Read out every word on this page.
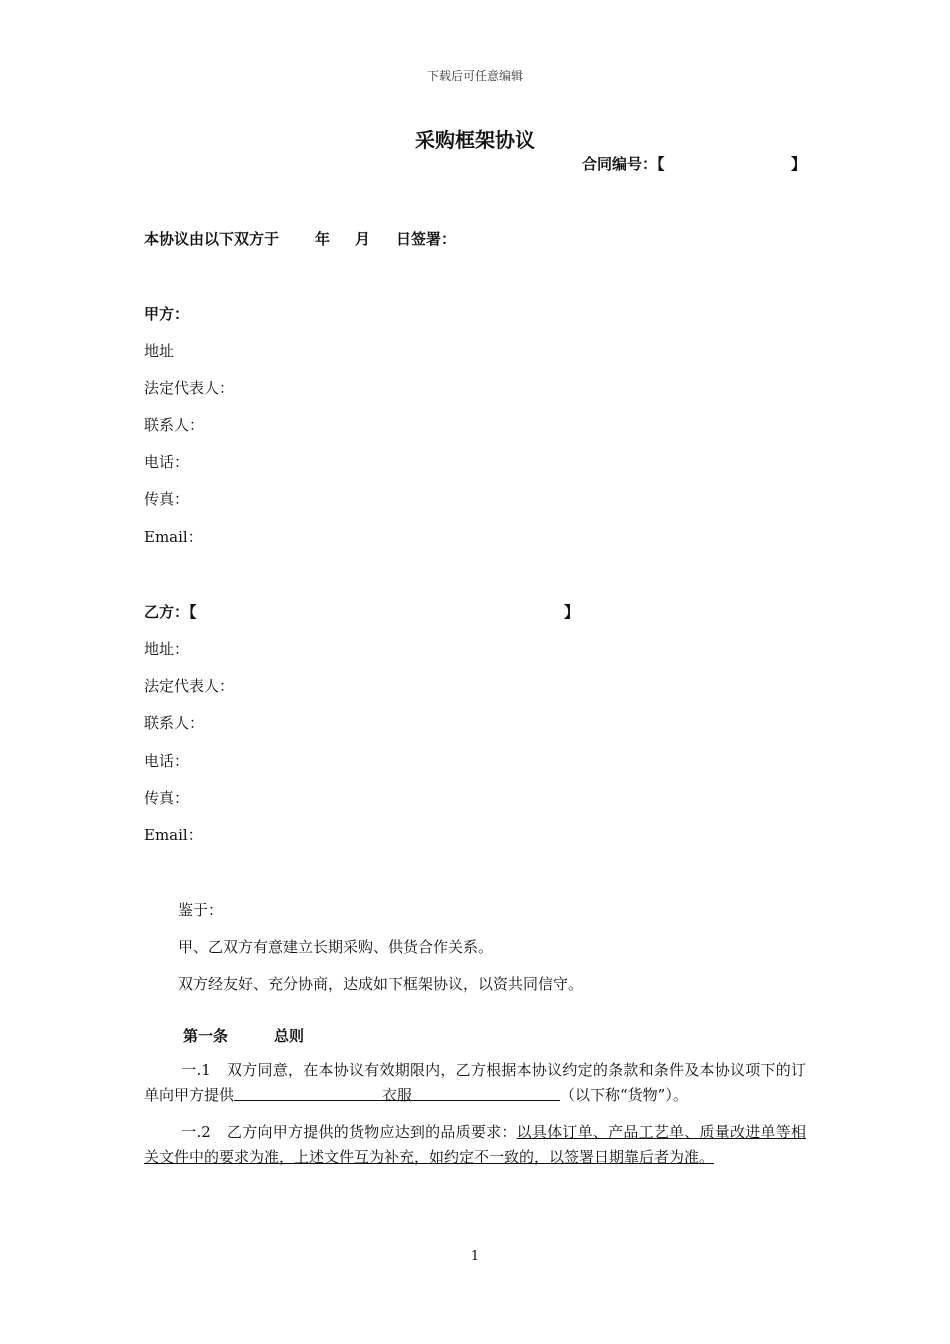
下载后可任意编辑
采购框架协议
合同编号：【	】
本协议由以下双方于 年 月 日签署：
甲方：
地址
法定代表人：
联系人：
电话：
传真：
Email：
乙方：【	】
地址：
法定代表人：
联系人：
电话：
传真：
Email：
鉴于：
甲、乙双方有意建立长期采购、供货合作关系。
双方经友好、充分协商，达成如下框架协议，以资共同信守。
第一条	总则
一.1 双方同意，在本协议有效期限内，乙方根据本协议约定的条款和条件及本协议项下的订单向甲方提供	衣服	（以下称“货物”）。
一.2 乙方向甲方提供的货物应达到的品质要求：以具体订单、产品工艺单、质量改进单等相关文件中的要求为准，上述文件互为补充，如约定不一致的，以签署日期靠后者为准。
1
